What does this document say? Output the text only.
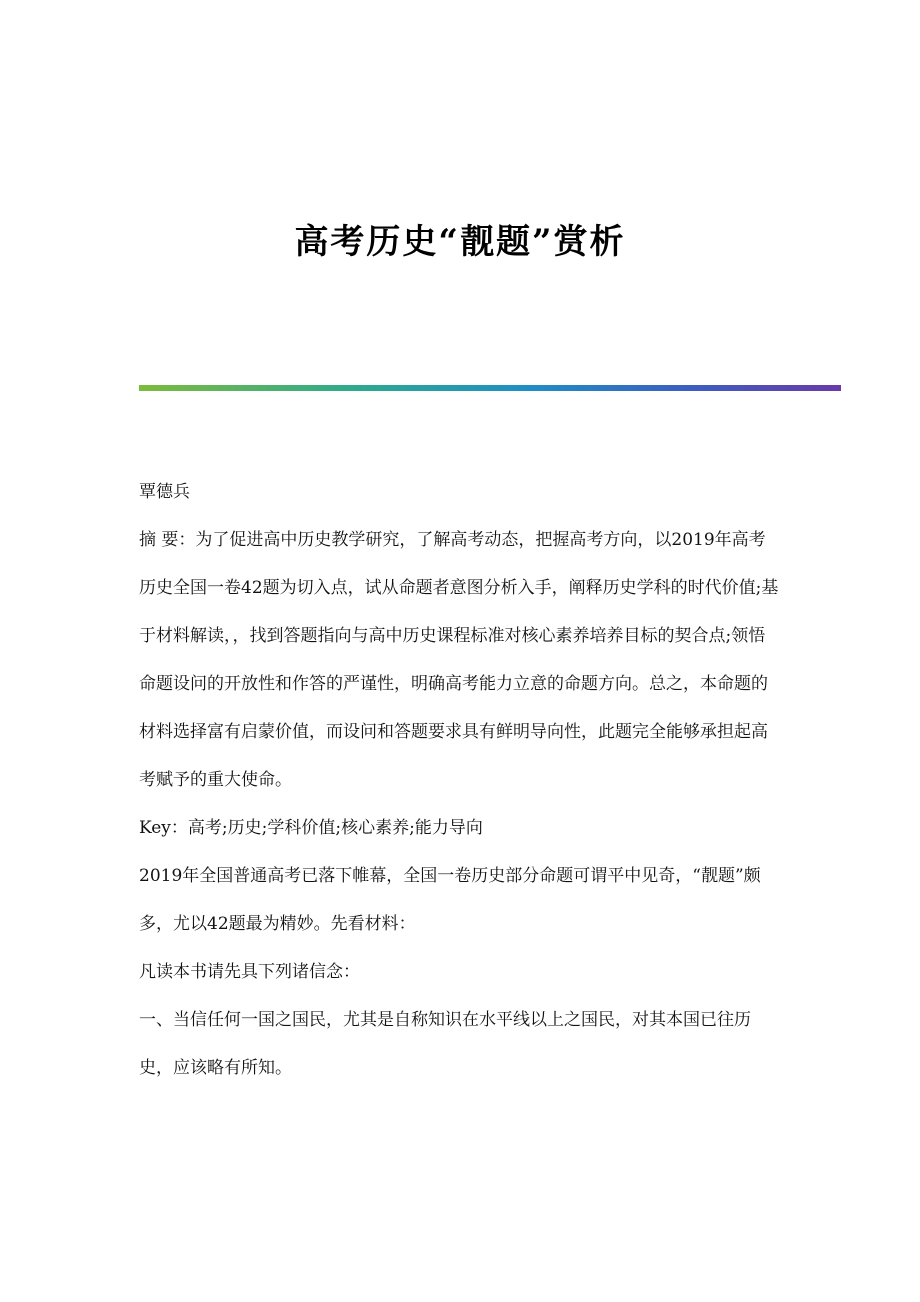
高考历史“靓题”赏析

覃德兵

摘 要：为了促进高中历史教学研究，了解高考动态，把握高考方向，以2019年高考历史全国一卷42题为切入点，试从命题者意图分析入手，阐释历史学科的时代价值;基于材料解读，，找到答题指向与高中历史课程标准对核心素养培养目标的契合点;领悟命题设问的开放性和作答的严谨性，明确高考能力立意的命题方向。总之，本命题的材料选择富有启蒙价值，而设问和答题要求具有鲜明导向性，此题完全能够承担起高考赋予的重大使命。

Key：高考;历史;学科价值;核心素养;能力导向

2019年全国普通高考已落下帷幕，全国一卷历史部分命题可谓平中见奇，“靓题”颇多，尤以42题最为精妙。先看材料：

凡读本书请先具下列诸信念：

一、当信任何一国之国民，尤其是自称知识在水平线以上之国民，对其本国已往历史，应该略有所知。
